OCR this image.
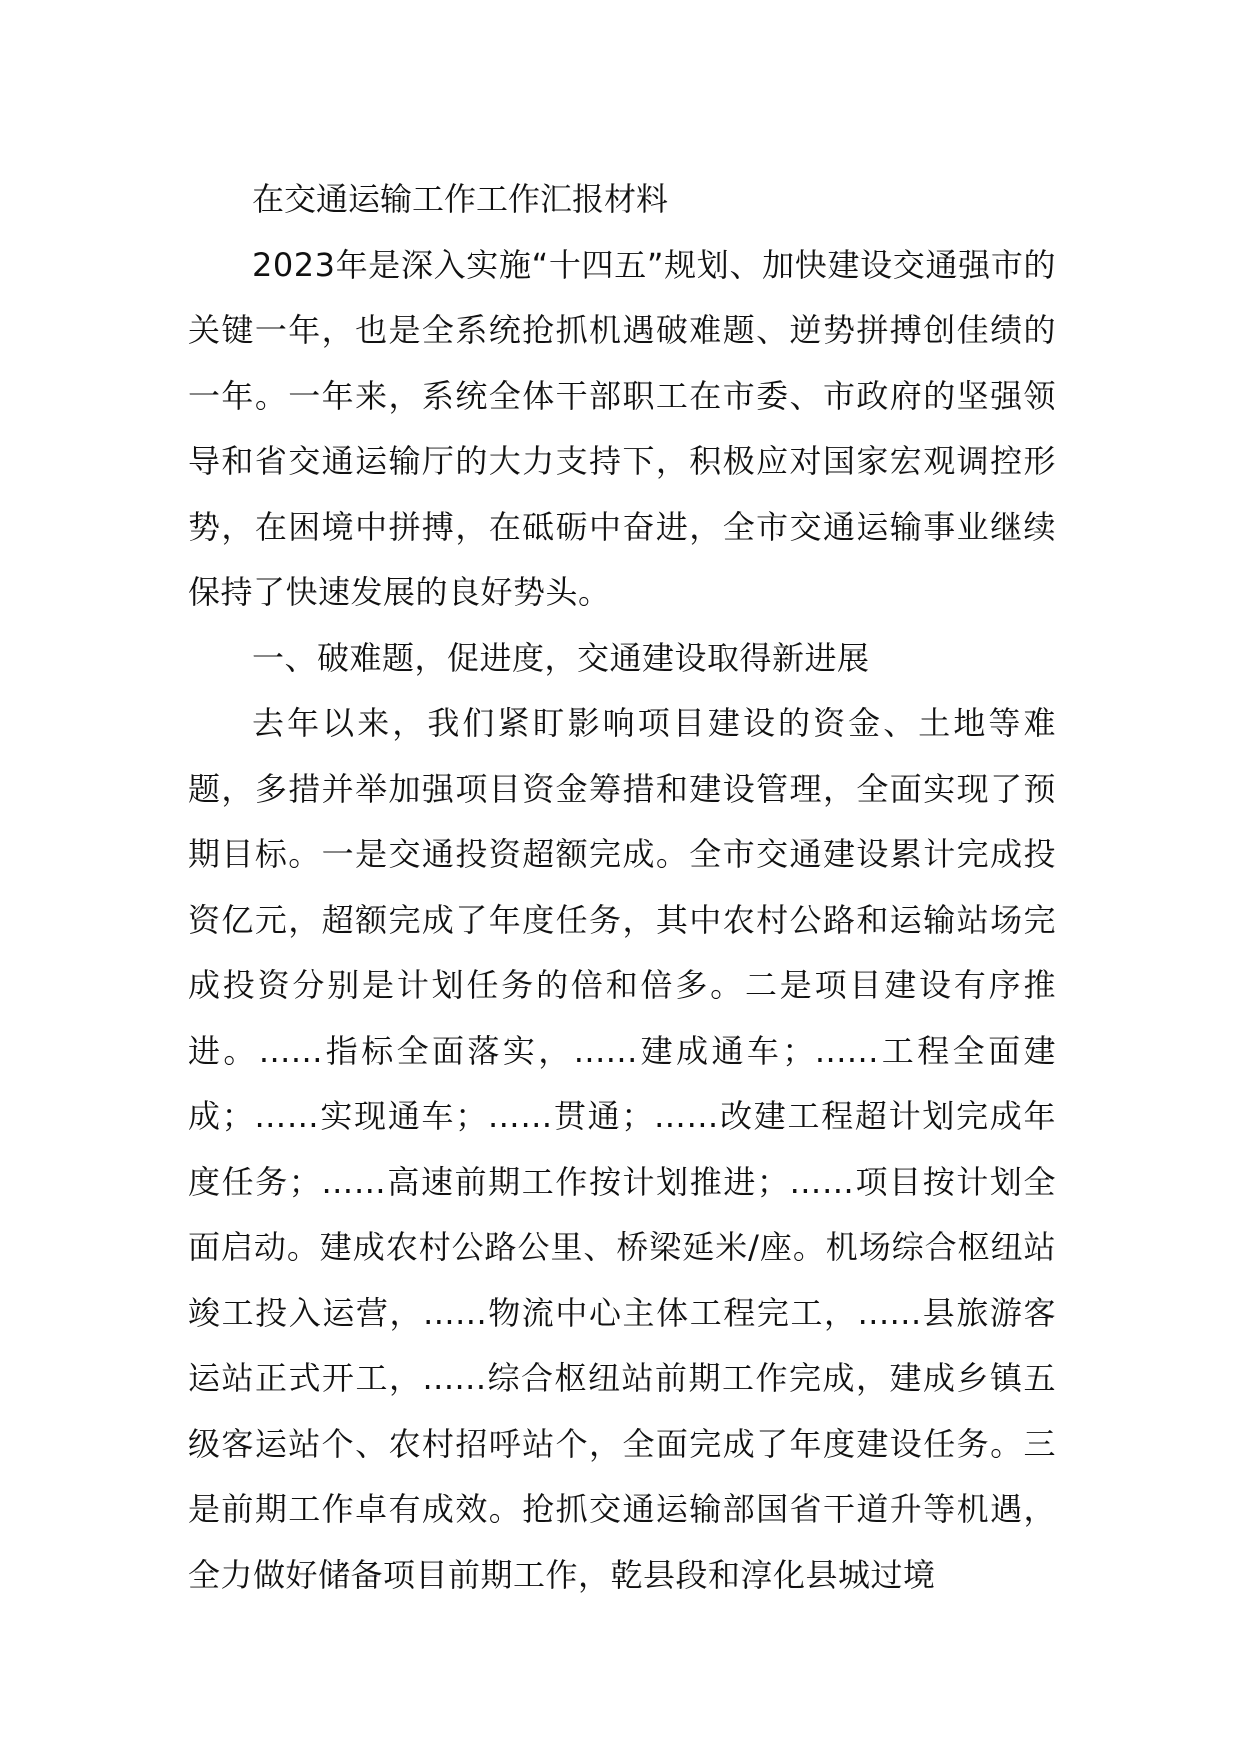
在交通运输工作工作汇报材料

2023年是深入实施“十四五”规划、加快建设交通强市的关键一年，也是全系统抢抓机遇破难题、逆势拼搏创佳绩的一年。一年来，系统全体干部职工在市委、市政府的坚强领导和省交通运输厅的大力支持下，积极应对国家宏观调控形势，在困境中拼搏，在砥砺中奋进，全市交通运输事业继续保持了快速发展的良好势头。

一、破难题，促进度，交通建设取得新进展

去年以来，我们紧盯影响项目建设的资金、土地等难题，多措并举加强项目资金筹措和建设管理，全面实现了预期目标。一是交通投资超额完成。全市交通建设累计完成投资亿元，超额完成了年度任务，其中农村公路和运输站场完成投资分别是计划任务的倍和倍多。二是项目建设有序推进。......指标全面落实，......建成通车；......工程全面建成；……实现通车；……贯通；……改建工程超计划完成年度任务；……高速前期工作按计划推进；……项目按计划全面启动。建成农村公路公里、桥梁延米/座。机场综合枢纽站竣工投入运营，......物流中心主体工程完工，......县旅游客运站正式开工，......综合枢纽站前期工作完成，建成乡镇五级客运站个、农村招呼站个，全面完成了年度建设任务。三是前期工作卓有成效。抢抓交通运输部国省干道升等机遇，全力做好储备项目前期工作，乾县段和淳化县城过境
